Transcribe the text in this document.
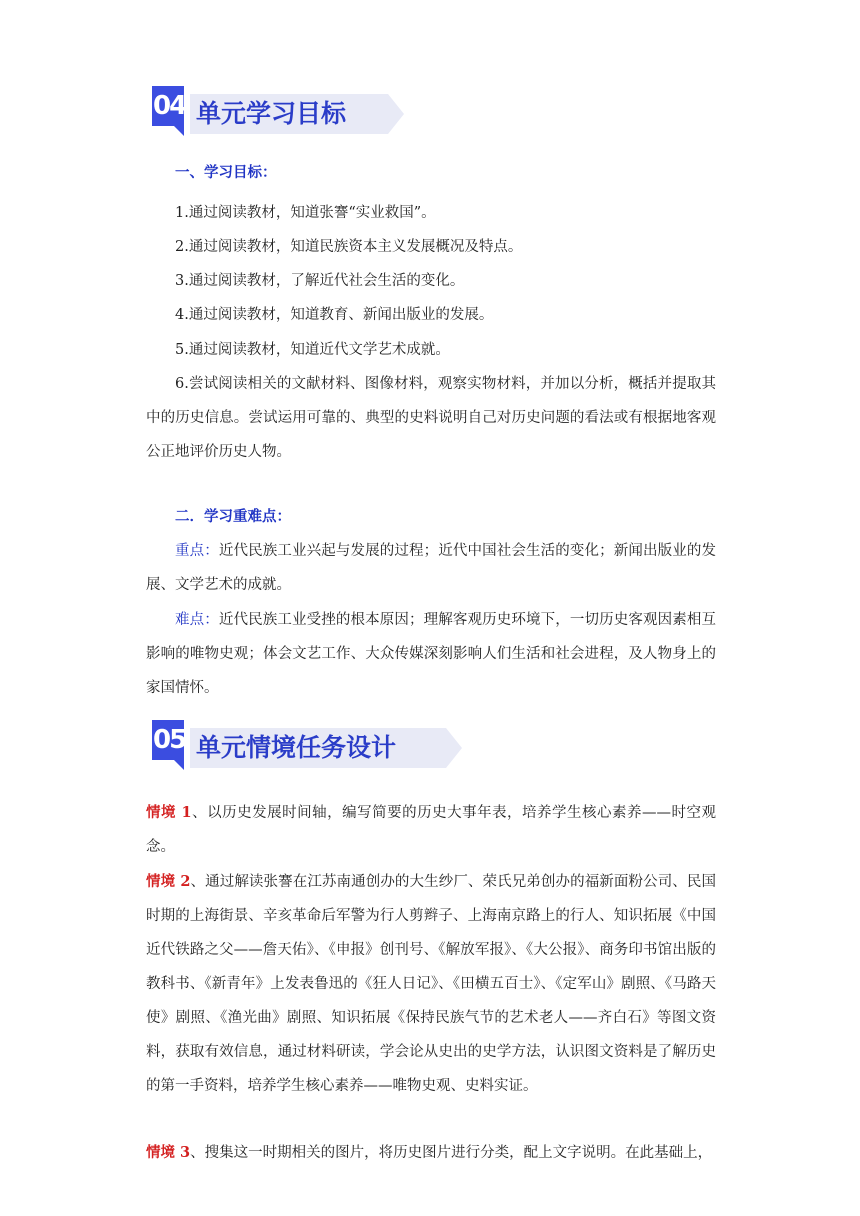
04 单元学习目标
一、学习目标：
1.通过阅读教材，知道张謇“实业救国”。
2.通过阅读教材，知道民族资本主义发展概况及特点。
3.通过阅读教材，了解近代社会生活的变化。
4.通过阅读教材，知道教育、新闻出版业的发展。
5.通过阅读教材，知道近代文学艺术成就。
6.尝试阅读相关的文献材料、图像材料，观察实物材料，并加以分析，概括并提取其中的历史信息。尝试运用可靠的、典型的史料说明自己对历史问题的看法或有根据地客观公正地评价历史人物。
二．学习重难点：
重点：近代民族工业兴起与发展的过程；近代中国社会生活的变化；新闻出版业的发展、文学艺术的成就。
难点：近代民族工业受挫的根本原因；理解客观历史环境下，一切历史客观因素相互影响的唯物史观；体会文艺工作、大众传媒深刻影响人们生活和社会进程，及人物身上的家国情怀。
05 单元情境任务设计
情境 1、以历史发展时间轴，编写简要的历史大事年表，培养学生核心素养——时空观念。
情境 2、通过解读张謇在江苏南通创办的大生纱厂、荣氏兄弟创办的福新面粉公司、民国时期的上海街景、辛亥革命后军警为行人剪辫子、上海南京路上的行人、知识拓展《中国近代铁路之父——詹天佑》、《申报》创刊号、《解放军报》、《大公报》、商务印书馆出版的教科书、《新青年》上发表鲁迅的《狂人日记》、《田横五百士》、《定军山》剧照、《马路天使》剧照、《渔光曲》剧照、知识拓展《保持民族气节的艺术老人——齐白石》等图文资料，获取有效信息，通过材料研读，学会论从史出的史学方法，认识图文资料是了解历史的第一手资料，培养学生核心素养——唯物史观、史料实证。
情境 3、搜集这一时期相关的图片，将历史图片进行分类，配上文字说明。在此基础上，
